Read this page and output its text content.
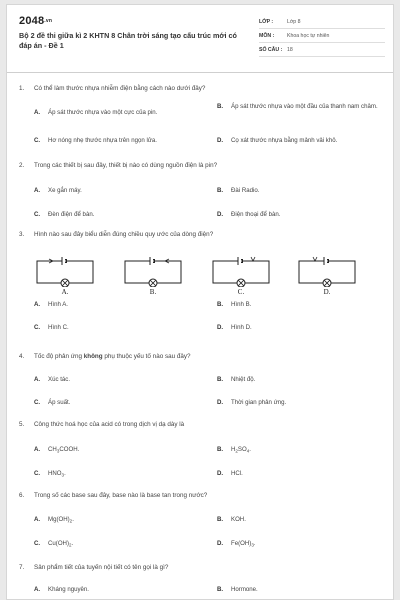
2048.vn
Bộ 2 đề thi giữa kì 2 KHTN 8 Chân trời sáng tạo cấu trúc mới có đáp án - Đề 1
LỚP :	Lớp 8
MÔN :	Khoa học tự nhiên
SỐ CÂU : 18
1.	Có thể làm thước nhựa nhiễm điện bằng cách nào dưới đây?
A.	Áp sát thước nhựa vào một cực của pin.
B.	Áp sát thước nhựa vào một đầu của thanh nam châm.
C.	Hơ nóng nhẹ thước nhựa trên ngọn lửa.	D.	Cọ xát thước nhựa bằng mảnh vải khô.
2.	Trong các thiết bị sau đây, thiết bị nào có dùng nguồn điện là pin?
A.	Xe gắn máy.	B.	Đài Radio.
C.	Đèn điện để bàn.	D.	Điện thoại để bàn.
3.	Hình nào sau đây biểu diễn đúng chiều quy ước của dòng điện?
A.	B.	C.	D.
A.	Hình A.	B.	Hình B.
C.	Hình C.	D.	Hình D.
4.	Tốc độ phản ứng không phụ thuộc yếu tố nào sau đây?
A.	Xúc tác.	B.	Nhiệt độ.
C.	Áp suất.	D.	Thời gian phản ứng.
5.	Công thức hoá học của acid có trong dịch vị dạ dày là
A.	$CH_3COOH$.	B.	$H_2SO_4$.
C.	$HNO_3$.	D.	HCl.
6.	Trong số các base sau đây, base nào là base tan trong nước?
A.	$Mg(OH)_2$.	B.	KOH.
C.	$Cu(OH)_2$.	D.	$Fe(OH)_3$.
7.	Sản phẩm tiết của tuyến nội tiết có tên gọi là gì?
A.	Kháng nguyên.	B.	Hormone.
